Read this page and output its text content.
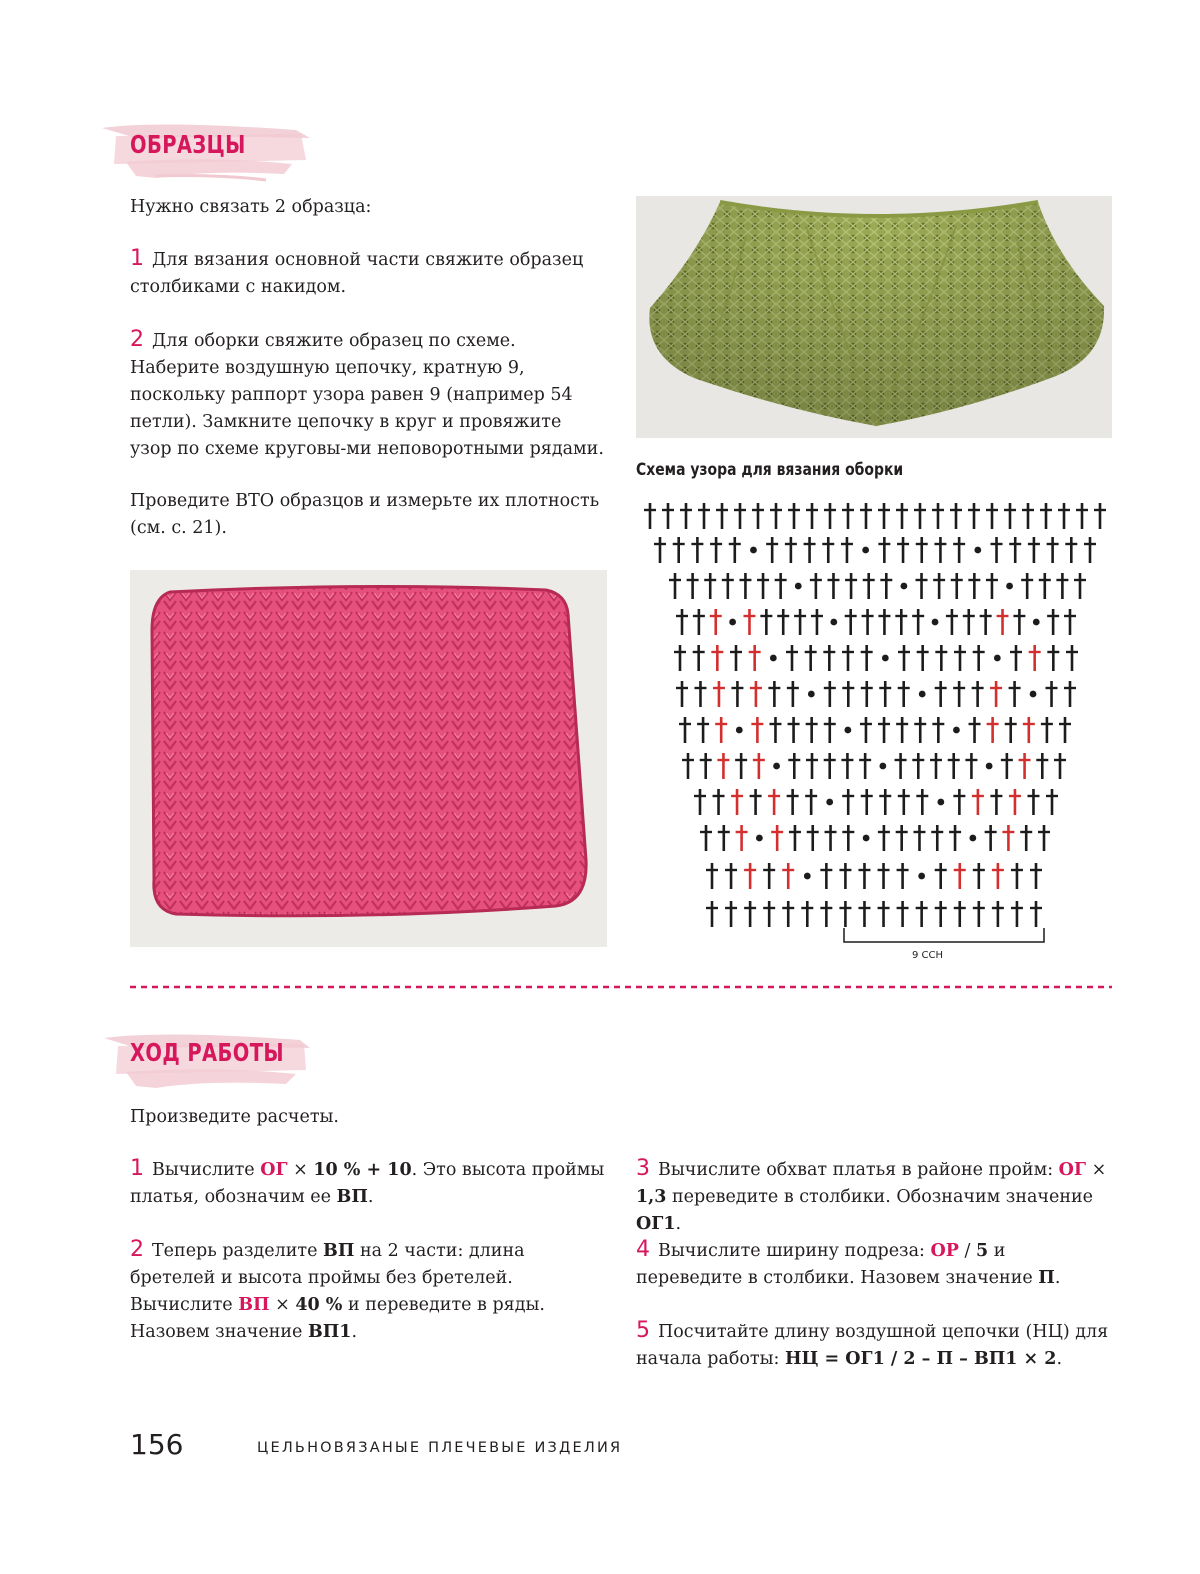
ОБРАЗЦЫ
Нужно связать 2 образца:
1 Для вязания основной части свяжите образец столбиками с накидом.
2 Для оборки свяжите образец по схеме. Наберите воздушную цепочку, кратную 9, поскольку раппорт узора равен 9 (например 54 петли). Замкните цепочку в круг и провяжите узор по схеме круговы-ми неповоротными рядами.
Проведите ВТО образцов и измерьте их плотность (см. с. 21).
Схема узора для вязания оборки
9 ССН
ХОД РАБОТЫ
Произведите расчеты.
1 Вычислите ОГ × 10 % + 10. Это высота проймы платья, обозначим ее ВП.
2 Теперь разделите ВП на 2 части: длина бретелей и высота проймы без бретелей.
Вычислите ВП × 40 % и переведите в ряды. Назовем значение ВП1.
3 Вычислите обхват платья в районе пройм: ОГ × 1,3 переведите в столбики. Обозначим значение ОГ1.
4 Вычислите ширину подреза: ОР / 5 и переведите в столбики. Назовем значение П.
5 Посчитайте длину воздушной цепочки (НЦ) для начала работы: НЦ = ОГ1 / 2 – П – ВП1 × 2.
156	ЦЕЛЬНОВЯЗАНЫЕ ПЛЕЧЕВЫЕ ИЗДЕЛИЯ
